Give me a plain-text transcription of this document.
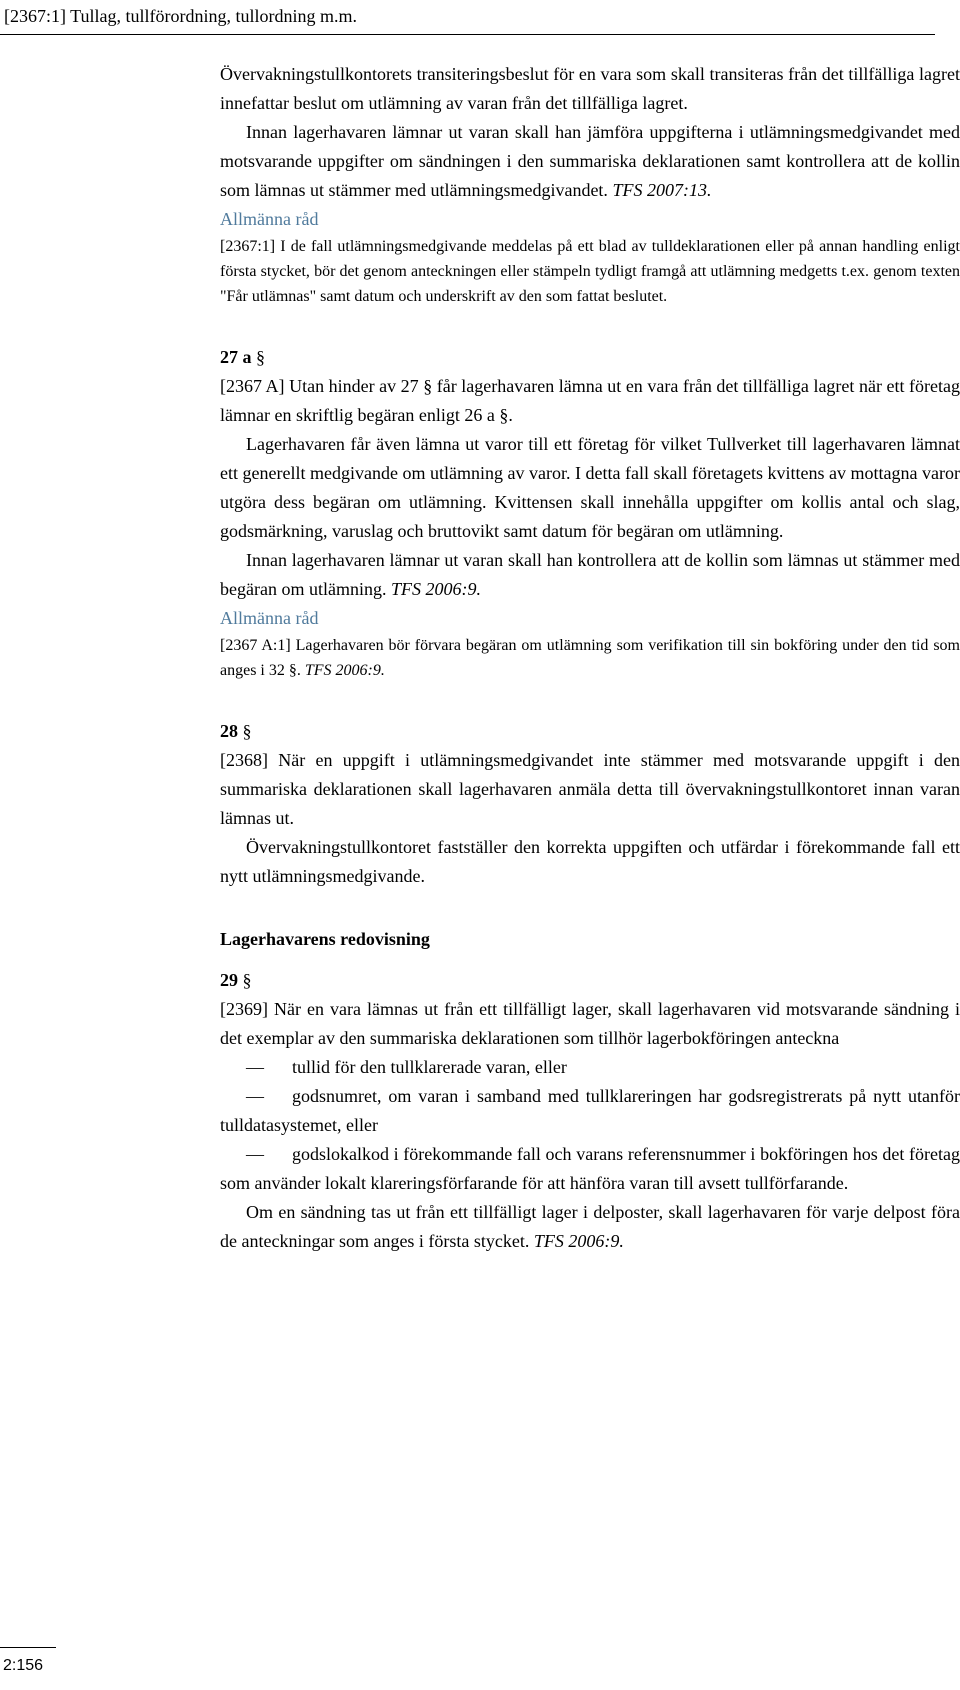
[2367:1] Tullag, tullförordning, tullordning m.m.

Övervakningstullkontorets transiteringsbeslut för en vara som skall transiteras från det tillfälliga lagret innefattar beslut om utlämning av varan från det tillfälliga lagret.

Innan lagerhavaren lämnar ut varan skall han jämföra uppgifterna i utlämningsmedgivandet med motsvarande uppgifter om sändningen i den summariska deklarationen samt kontrollera att de kollin som lämnas ut stämmer med utlämningsmedgivandet. TFS 2007:13.

Allmänna råd

[2367:1] I de fall utlämningsmedgivande meddelas på ett blad av tulldeklarationen eller på annan handling enligt första stycket, bör det genom anteckningen eller stämpeln tydligt framgå att utlämning medgetts t.ex. genom texten "Får utlämnas" samt datum och underskrift av den som fattat beslutet.

27 a §

[2367 A] Utan hinder av 27 § får lagerhavaren lämna ut en vara från det tillfälliga lagret när ett företag lämnar en skriftlig begäran enligt 26 a §.

Lagerhavaren får även lämna ut varor till ett företag för vilket Tullverket till lagerhavaren lämnat ett generellt medgivande om utlämning av varor. I detta fall skall företagets kvittens av mottagna varor utgöra dess begäran om utlämning. Kvittensen skall innehålla uppgifter om kollis antal och slag, godsmärkning, varuslag och bruttovikt samt datum för begäran om utlämning.

Innan lagerhavaren lämnar ut varan skall han kontrollera att de kollin som lämnas ut stämmer med begäran om utlämning. TFS 2006:9.

Allmänna råd

[2367 A:1] Lagerhavaren bör förvara begäran om utlämning som verifikation till sin bokföring under den tid som anges i 32 §. TFS 2006:9.

28 §

[2368] När en uppgift i utlämningsmedgivandet inte stämmer med motsvarande uppgift i den summariska deklarationen skall lagerhavaren anmäla detta till övervakningstullkontoret innan varan lämnas ut.

Övervakningstullkontoret fastställer den korrekta uppgiften och utfärdar i förekommande fall ett nytt utlämningsmedgivande.

Lagerhavarens redovisning

29 §

[2369] När en vara lämnas ut från ett tillfälligt lager, skall lagerhavaren vid motsvarande sändning i det exemplar av den summariska deklarationen som tillhör lagerbokföringen anteckna

— tullid för den tullklarerade varan, eller

— godsnumret, om varan i samband med tullklareringen har godsregistrerats på nytt utanför tulldatasystemet, eller

— godslokalkod i förekommande fall och varans referensnummer i bokföringen hos det företag som använder lokalt klareringsförfarande för att hänföra varan till avsett tullförfarande.

Om en sändning tas ut från ett tillfälligt lager i delposter, skall lagerhavaren för varje delpost föra de anteckningar som anges i första stycket. TFS 2006:9.

2:156
